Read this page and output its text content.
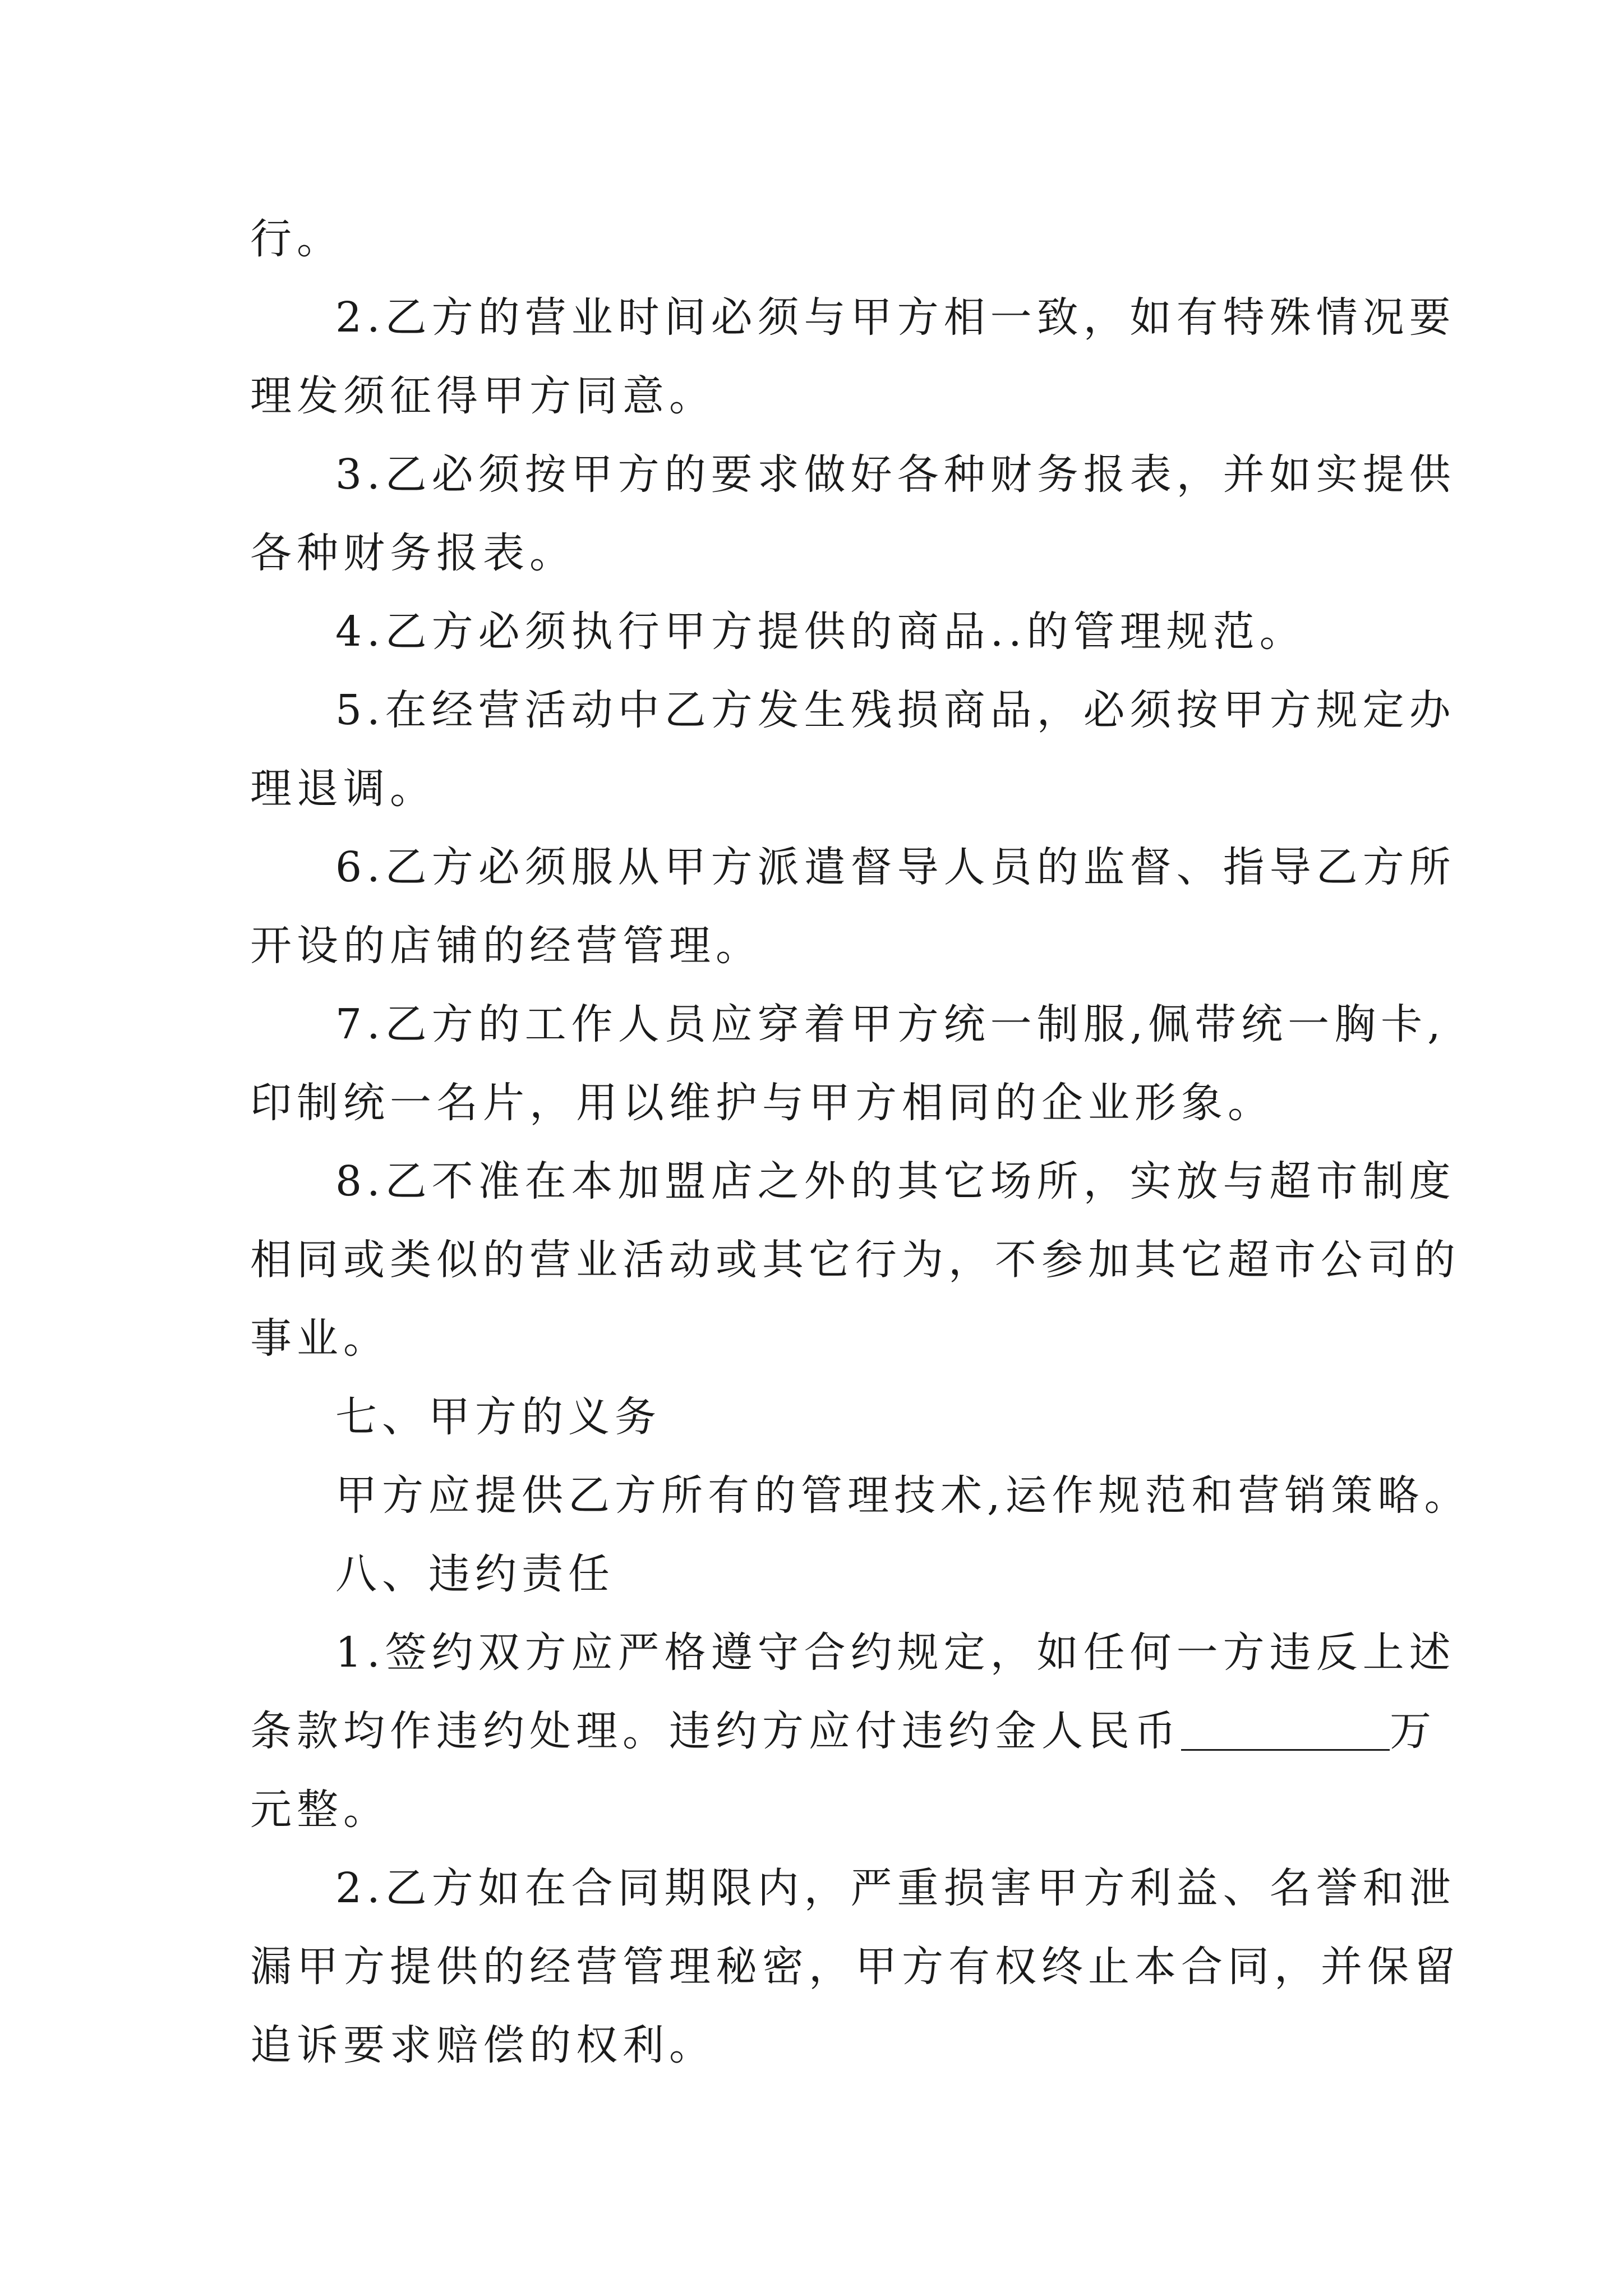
行。
2.乙方的营业时间必须与甲方相一致，如有特殊情况要
理发须征得甲方同意。
3.乙必须按甲方的要求做好各种财务报表，并如实提供
各种财务报表。
4.乙方必须执行甲方提供的商品..的管理规范。
5.在经营活动中乙方发生残损商品，必须按甲方规定办
理退调。
6.乙方必须服从甲方派遣督导人员的监督、指导乙方所
开设的店铺的经营管理。
7.乙方的工作人员应穿着甲方统一制服,佩带统一胸卡,
印制统一名片，用以维护与甲方相同的企业形象。
8.乙不准在本加盟店之外的其它场所，实放与超市制度
相同或类似的营业活动或其它行为，不参加其它超市公司的
事业。
七、甲方的义务
甲方应提供乙方所有的管理技术,运作规范和营销策略。
八、违约责任
1.签约双方应严格遵守合约规定，如任何一方违反上述
条款均作违约处理。违约方应付违约金人民币	万
元整。
2.乙方如在合同期限内，严重损害甲方利益、名誉和泄
漏甲方提供的经营管理秘密，甲方有权终止本合同，并保留
追诉要求赔偿的权利。
